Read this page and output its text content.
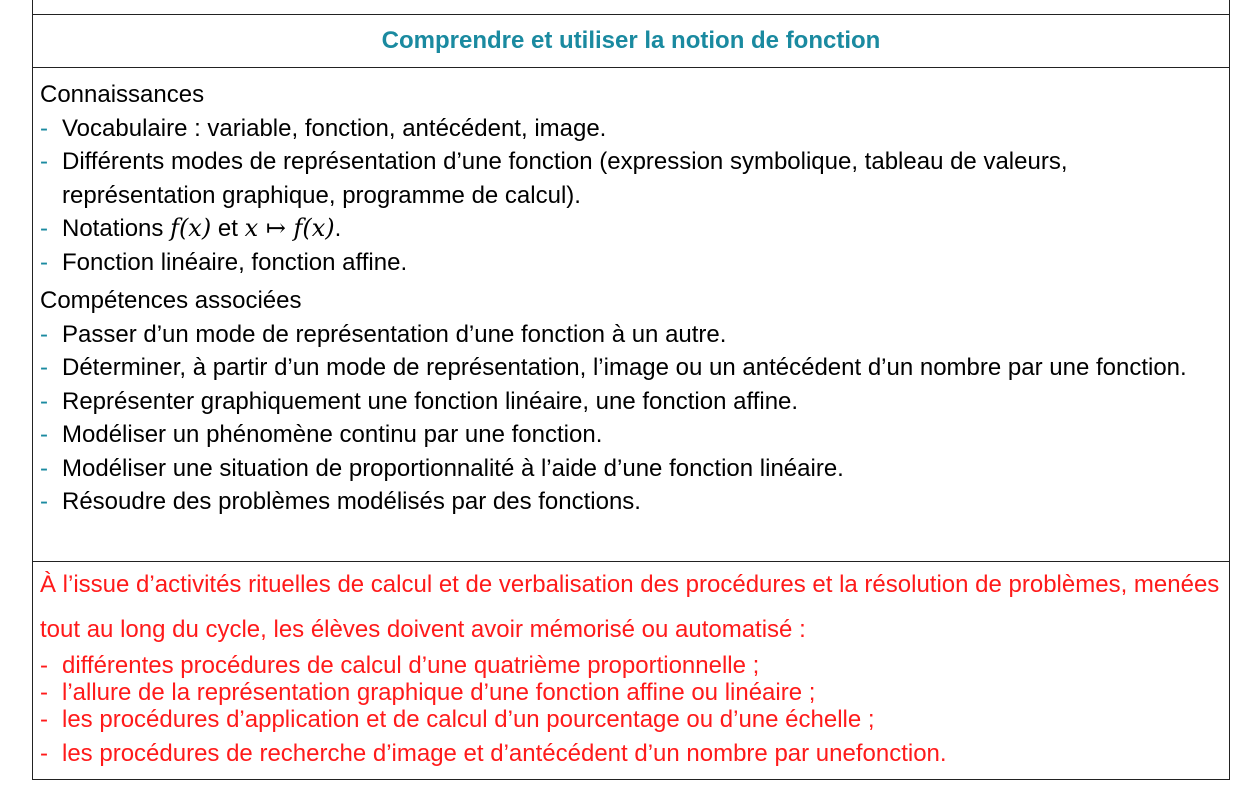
Comprendre et utiliser la notion de fonction

Connaissances

- Vocabulaire : variable, fonction, antécédent, image.
- Différents modes de représentation d’une fonction (expression symbolique, tableau de valeurs, représentation graphique, programme de calcul).
- Notations f(x) et x ↦ f(x).
- Fonction linéaire, fonction affine.

Compétences associées

- Passer d’un mode de représentation d’une fonction à un autre.
- Déterminer, à partir d’un mode de représentation, l’image ou un antécédent d’un nombre par une fonction.
- Représenter graphiquement une fonction linéaire, une fonction affine.
- Modéliser un phénomène continu par une fonction.
- Modéliser une situation de proportionnalité à l’aide d’une fonction linéaire.
- Résoudre des problèmes modélisés par des fonctions.

À l’issue d’activités rituelles de calcul et de verbalisation des procédures et la résolution de problèmes, menées tout au long du cycle, les élèves doivent avoir mémorisé ou automatisé :

- différentes procédures de calcul d’une quatrième proportionnelle ;
- l’allure de la représentation graphique d’une fonction affine ou linéaire ;
- les procédures d’application et de calcul d’un pourcentage ou d’une échelle ;
- les procédures de recherche d’image et d’antécédent d’un nombre par unefonction.
